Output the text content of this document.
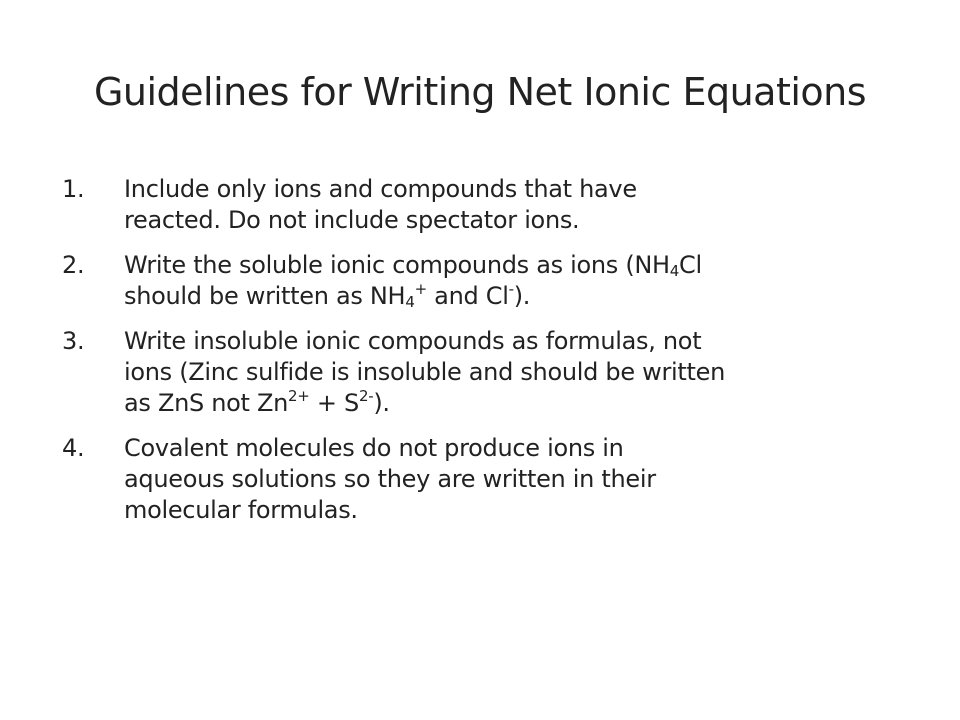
Guidelines for Writing Net Ionic Equations
1.	Include only ions and compounds that have
reacted. Do not include spectator ions.
2.	Write the soluble ionic compounds as ions ($NH_4Cl$
should be written as $NH_4^+$ and Cl-).
3.	Write insoluble ionic compounds as formulas, not
ions (Zinc sulfide is insoluble and should be written
as ZnS not $Zn^{2+} + S^{2-}$).
4.	Covalent molecules do not produce ions in
aqueous solutions so they are written in their
molecular formulas.
